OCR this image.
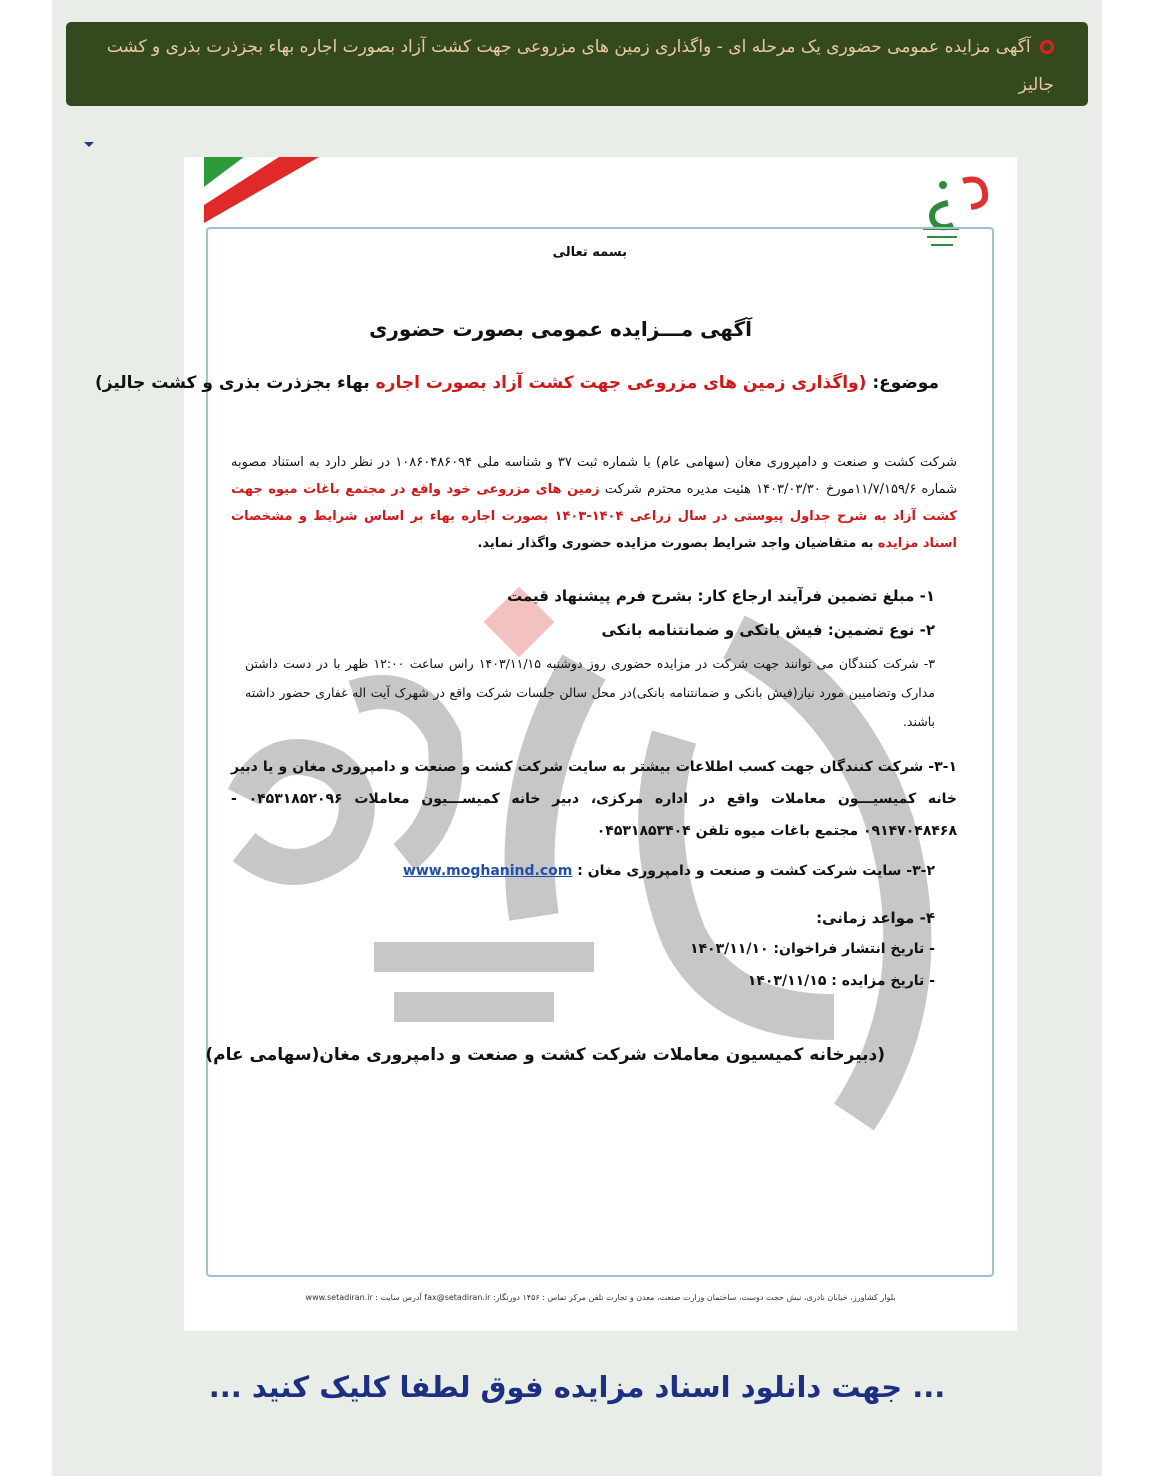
آگهی مزایده عمومی حضوری یک مرحله ای - واگذاری زمین های مزروعی جهت کشت آزاد بصورت اجاره بهاء بجزذرت بذری و کشت جالیز
بسمه تعالی
آگهی مـــزایده عمومی بصورت حضوری
موضوع: (واگذاری زمین های مزروعی جهت کشت آزاد بصورت اجاره بهاء بجزذرت بذری و کشت جالیز)
شرکت کشت و صنعت و دامپروری مغان (سهامی عام) با شماره ثبت ۳۷ و شناسه ملی ۱۰۸۶۰۴۸۶۰۹۴ در نظر دارد به استناد مصوبه شماره ۱۱/۷/۱۵۹/۶مورخ ۱۴۰۳/۰۳/۳۰ هئیت مدیره محترم شرکت زمین های مزروعی خود واقع در مجتمع باغات میوه جهت کشت آزاد به شرح جداول پیوستی در سال زراعی ۱۴۰۴-۱۴۰۳ بصورت اجاره بهاء بر اساس شرایط و مشخصات اسناد مزایده به متقاضیان واجد شرایط بصورت مزایده حضوری واگذار نماید.
۱- مبلغ تضمین فرآیند ارجاع کار: بشرح فرم پیشنهاد قیمت
۲- نوع تضمین: فیش بانکی و ضمانتنامه بانکی
۳- شرکت کنندگان می توانند جهت شرکت در مزایده حضوری روز دوشنبه ۱۴۰۳/۱۱/۱۵ راس ساعت ۱۲:۰۰ ظهر با در دست داشتن مدارک وتضامیین مورد نیاز(فیش بانکی و ضمانتنامه بانکی)در محل سالن جلسات شرکت واقع در شهرک آیت اله غفاری حضور داشته باشند.
۳-۱- شرکت کنندگان جهت کسب اطلاعات بیشتر به سایت شرکت کشت و صنعت و دامپروری مغان و یا دبیر خانه کمیسیـــون معاملات واقع در اداره مرکزی، دبیر خانه کمیســـیون معاملات ۰۴۵۳۱۸۵۲۰۹۶ - ۰۹۱۴۷۰۴۸۴۶۸ مجتمع باغات میوه تلفن ۰۴۵۳۱۸۵۳۴۰۴
۳-۲- سایت شرکت کشت و صنعت و دامپروری مغان : www.moghanind.com
۴- مواعد زمانی:
- تاریخ انتشار فراخوان: ۱۴۰۳/۱۱/۱۰
- تاریخ مزایده : ۱۴۰۳/۱۱/۱۵
(دبیرخانه کمیسیون معاملات شرکت کشت و صنعت و دامپروری مغان(سهامی عام)
بلوار کشاورز، خیابان نادری، نبش حجت دوست، ساختمان وزارت صنعت، معدن و تجارت تلفن مرکز تماس : ۱۴۵۶ دورنگار: fax@setadiran.ir آدرس سایت : www.setadiran.ir
... جهت دانلود اسناد مزایده فوق لطفا کلیک کنید ...
